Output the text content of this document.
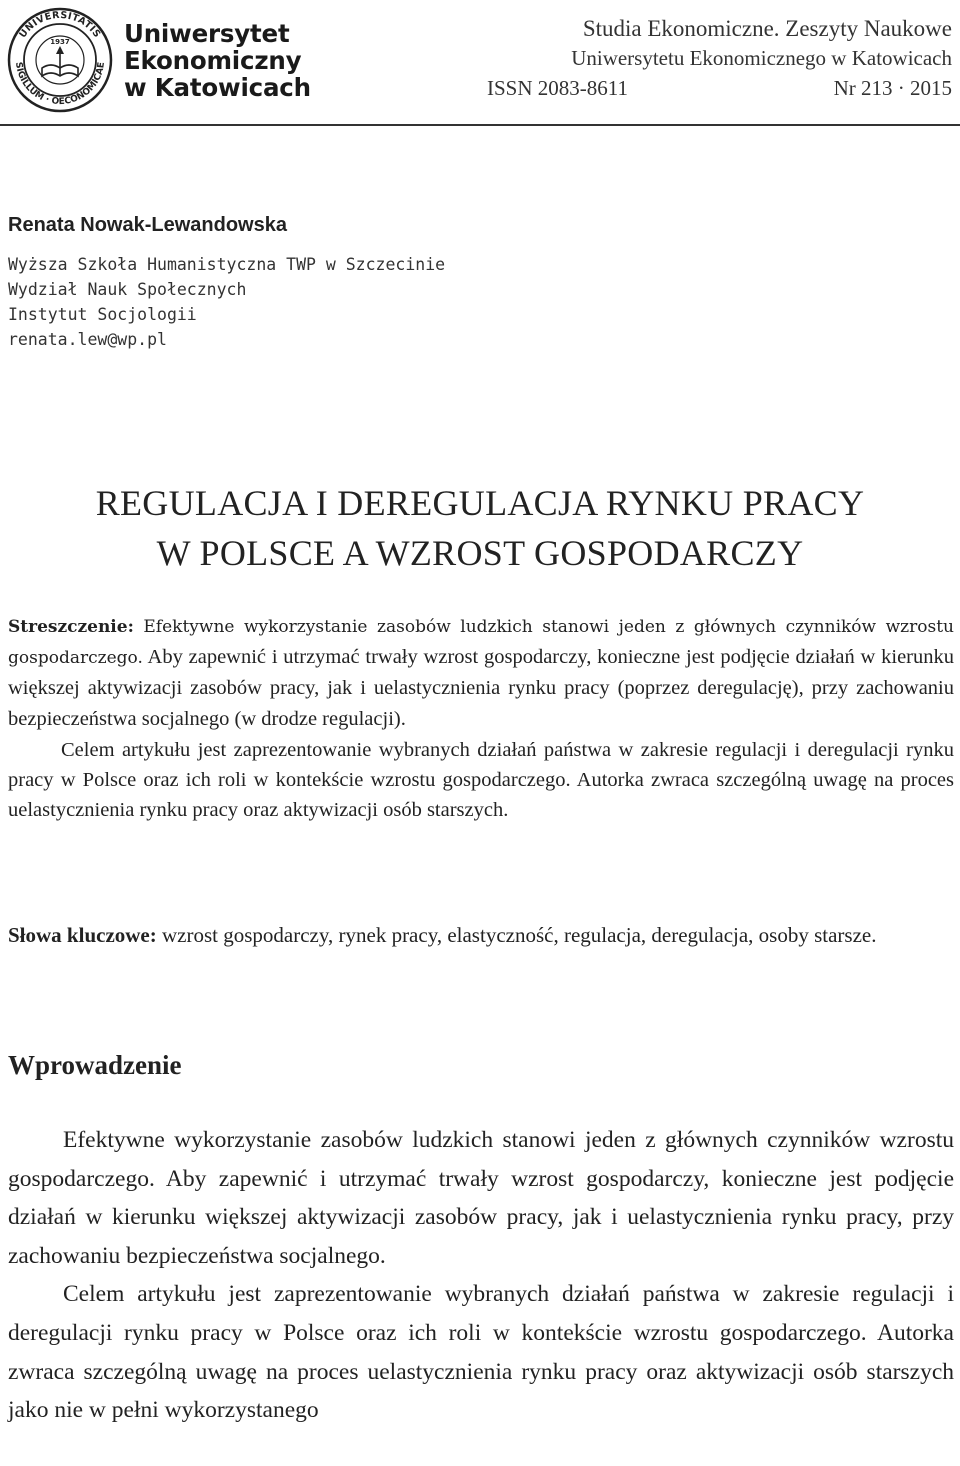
1937
UNIVERSITATIS
SIGILLUM · OECONOMICAE
Uniwersytet
Ekonomiczny
w Katowicach
Studia Ekonomiczne. Zeszyty Naukowe
Uniwersytetu Ekonomicznego w Katowicach
ISSN 2083-8611	Nr 213 · 2015
Renata Nowak-Lewandowska
Wyższa Szkoła Humanistyczna TWP w Szczecinie
Wydział Nauk Społecznych
Instytut Socjologii
renata.lew@wp.pl
REGULACJA I DEREGULACJA RYNKU PRACY
W POLSCE A WZROST GOSPODARCZY

Streszczenie: Efektywne wykorzystanie zasobów ludzkich stanowi jeden z głównych czynników wzrostu gospodarczego. Aby zapewnić i utrzymać trwały wzrost gospodarczy, konieczne jest podjęcie działań w kierunku większej aktywizacji zasobów pracy, jak i uelastycznienia rynku pracy (poprzez deregulację), przy zachowaniu bezpieczeństwa socjalnego (w drodze regulacji).

Celem artykułu jest zaprezentowanie wybranych działań państwa w zakresie regulacji i deregulacji rynku pracy w Polsce oraz ich roli w kontekście wzrostu gospodarczego. Autorka zwraca szczególną uwagę na proces uelastycznienia rynku pracy oraz aktywizacji osób starszych.

Słowa kluczowe: wzrost gospodarczy, rynek pracy, elastyczność, regulacja, deregulacja, osoby starsze.
Wprowadzenie

Efektywne wykorzystanie zasobów ludzkich stanowi jeden z głównych czynników wzrostu gospodarczego. Aby zapewnić i utrzymać trwały wzrost gospodarczy, konieczne jest podjęcie działań w kierunku większej aktywizacji zasobów pracy, jak i uelastycznienia rynku pracy, przy zachowaniu bezpieczeństwa socjalnego.

Celem artykułu jest zaprezentowanie wybranych działań państwa w zakresie regulacji i deregulacji rynku pracy w Polsce oraz ich roli w kontekście wzrostu gospodarczego. Autorka zwraca szczególną uwagę na proces uelastycznienia rynku pracy oraz aktywizacji osób starszych jako nie w pełni wykorzystanego
